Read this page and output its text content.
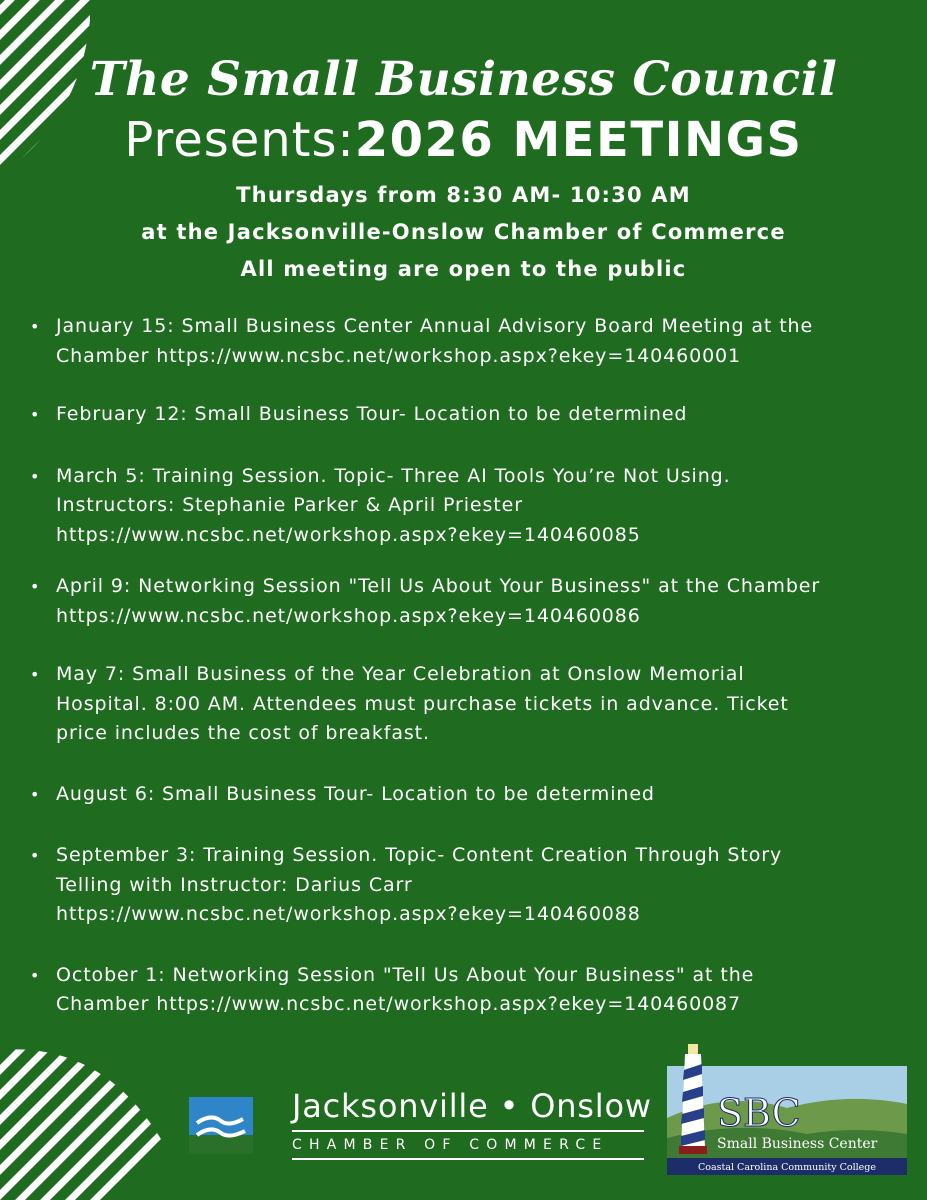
The Small Business Council
Presents:2026 MEETINGS
Thursdays from 8:30 AM- 10:30 AM
at the Jacksonville-Onslow Chamber of Commerce
All meeting are open to the public
• January 15: Small Business Center Annual Advisory Board Meeting at the
Chamber https://www.ncsbc.net/workshop.aspx?ekey=140460001
• February 12: Small Business Tour- Location to be determined
• March 5: Training Session. Topic- Three AI Tools You’re Not Using.
Instructors: Stephanie Parker & April Priester
https://www.ncsbc.net/workshop.aspx?ekey=140460085
• April 9: Networking Session "Tell Us About Your Business" at the Chamber
https://www.ncsbc.net/workshop.aspx?ekey=140460086
• May 7: Small Business of the Year Celebration at Onslow Memorial
Hospital. 8:00 AM. Attendees must purchase tickets in advance. Ticket
price includes the cost of breakfast.
• August 6: Small Business Tour- Location to be determined
• September 3: Training Session. Topic- Content Creation Through Story
Telling with Instructor: Darius Carr
https://www.ncsbc.net/workshop.aspx?ekey=140460088
• October 1: Networking Session "Tell Us About Your Business" at the
Chamber https://www.ncsbc.net/workshop.aspx?ekey=140460087
Jacksonville • Onslow
CHAMBER OF COMMERCE
SBC
Small Business Center
Coastal Carolina Community College
